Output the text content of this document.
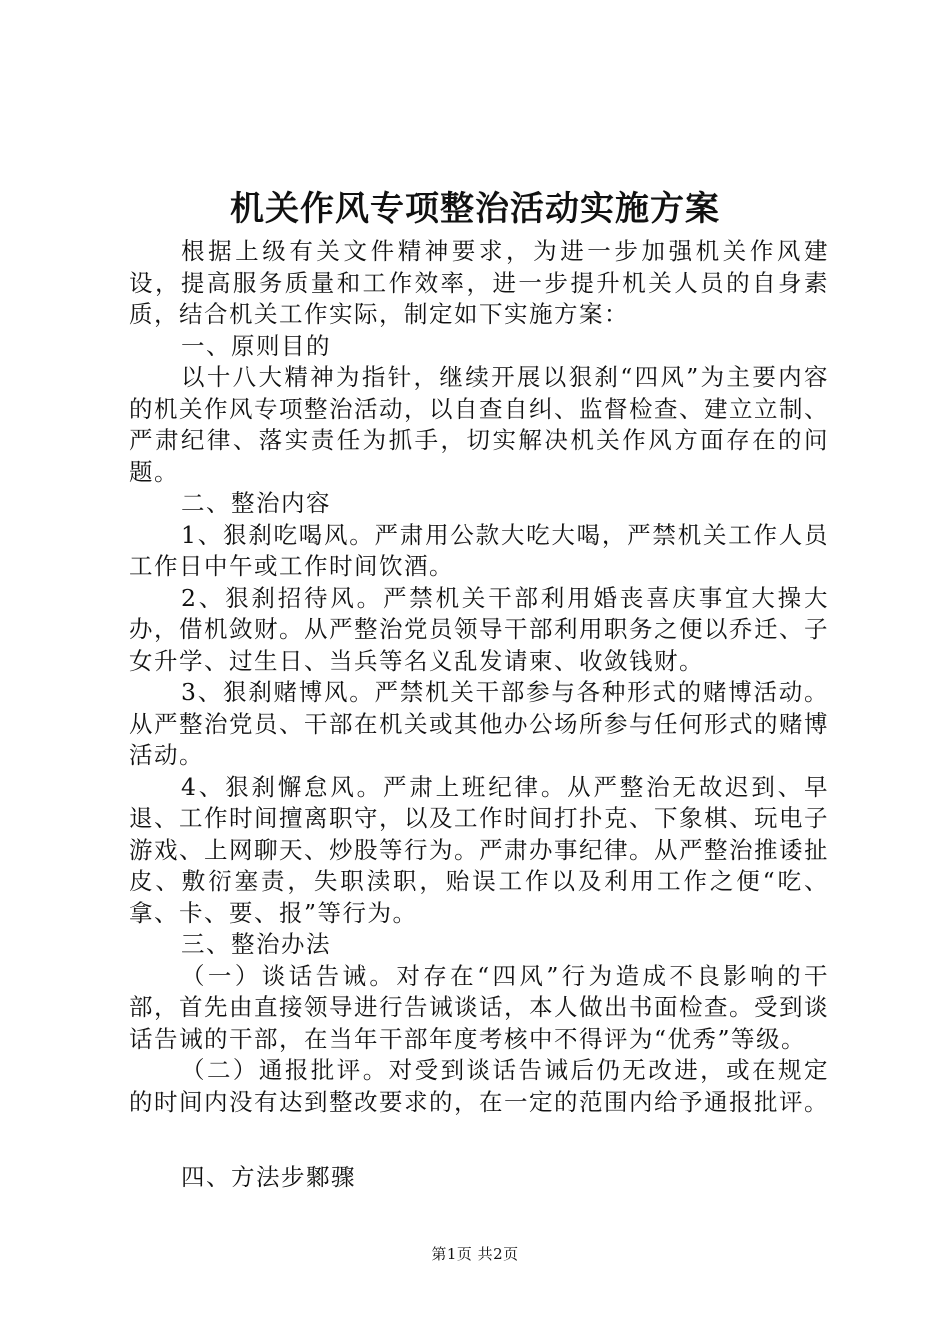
机关作风专项整治活动实施方案

根据上级有关文件精神要求，为进一步加强机关作风建设，提高服务质量和工作效率，进一步提升机关人员的自身素质，结合机关工作实际，制定如下实施方案：

一、原则目的

以十八大精神为指针，继续开展以狠刹“四风”为主要内容的机关作风专项整治活动，以自查自纠、监督检查、建立立制、严肃纪律、落实责任为抓手，切实解决机关作风方面存在的问题。

二、整治内容

1、狠刹吃喝风。严肃用公款大吃大喝，严禁机关工作人员工作日中午或工作时间饮酒。

2、狠刹招待风。严禁机关干部利用婚丧喜庆事宜大操大办，借机敛财。从严整治党员领导干部利用职务之便以乔迁、子女升学、过生日、当兵等名义乱发请柬、收敛钱财。

3、狠刹赌博风。严禁机关干部参与各种形式的赌博活动。从严整治党员、干部在机关或其他办公场所参与任何形式的赌博活动。

4、狠刹懈怠风。严肃上班纪律。从严整治无故迟到、早退、工作时间擅离职守，以及工作时间打扑克、下象棋、玩电子游戏、上网聊天、炒股等行为。严肃办事纪律。从严整治推诿扯皮、敷衍塞责，失职渎职，贻误工作以及利用工作之便“吃、拿、卡、要、报”等行为。

三、整治办法

（一）谈话告诫。对存在“四风”行为造成不良影响的干部，首先由直接领导进行告诫谈话，本人做出书面检查。受到谈话告诫的干部，在当年干部年度考核中不得评为“优秀”等级。

（二）通报批评。对受到谈话告诫后仍无改进，或在规定的时间内没有达到整改要求的，在一定的范围内给予通报批评。

四、方法步鄹骤

第1页 共2页
